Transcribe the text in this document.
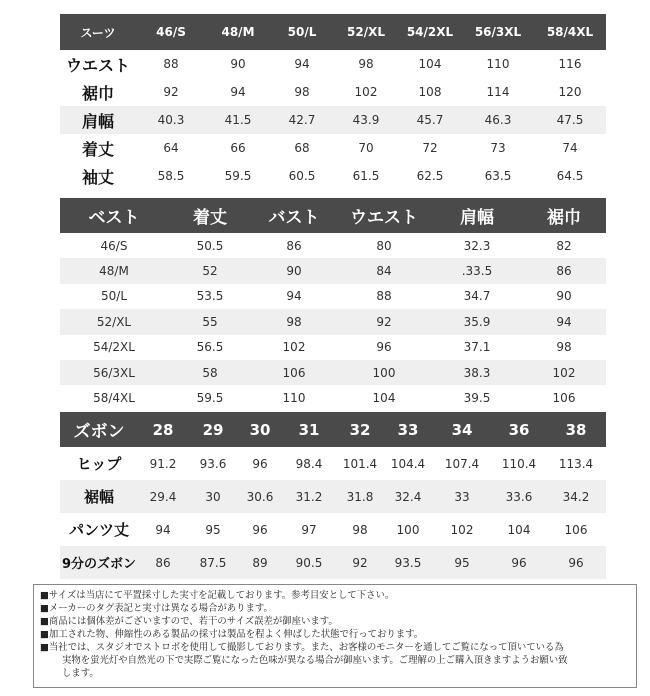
スーツ	46/S	48/M	50/L	52/XL	54/2XL	56/3XL	58/4XL
ウエスト	88	90	94	98	104	110	116
裾巾	92	94	98	102	108	114	120
肩幅	40.3	41.5	42.7	43.9	45.7	46.3	47.5
着丈	64	66	68	70	72	73	74
袖丈	58.5	59.5	60.5	61.5	62.5	63.5	64.5
ベスト	着丈	バスト	ウエスト	肩幅	裾巾
46/S	50.5	86	80	32.3	82
48/M	52	90	84	.33.5	86
50/L	53.5	94	88	34.7	90
52/XL	55	98	92	35.9	94
54/2XL	56.5	102	96	37.1	98
56/3XL	58	106	100	38.3	102
58/4XL	59.5	110	104	39.5	106
ズボン	28	29	30	31	32	33	34	36	38
ヒップ	91.2	93.6	96	98.4	101.4	104.4	107.4	110.4	113.4
裾幅	29.4	30	30.6	31.2	31.8	32.4	33	33.6	34.2
パンツ丈	94	95	96	97	98	100	102	104	106
9分のズボン	86	87.5	89	90.5	92	93.5	95	96	96
■サイズは当店にて平置採寸した実寸を記載しております。参考目安として下さい。
■メーカーのタグ表記と実寸は異なる場合があります。
■商品には個体差がございますので、若干のサイズ誤差が御座います。
■加工された物、伸縮性のある製品の採寸は製品を程よく伸ばした状態で行っております。
■当社では、スタジオでストロボを使用して撮影しております。また、お客様のモニターを通してご覧になって頂いている為
実物を蛍光灯や自然光の下で実際ご覧になった色味が異なる場合が御座います。ご理解の上ご購入頂きますようお願い致
します。
